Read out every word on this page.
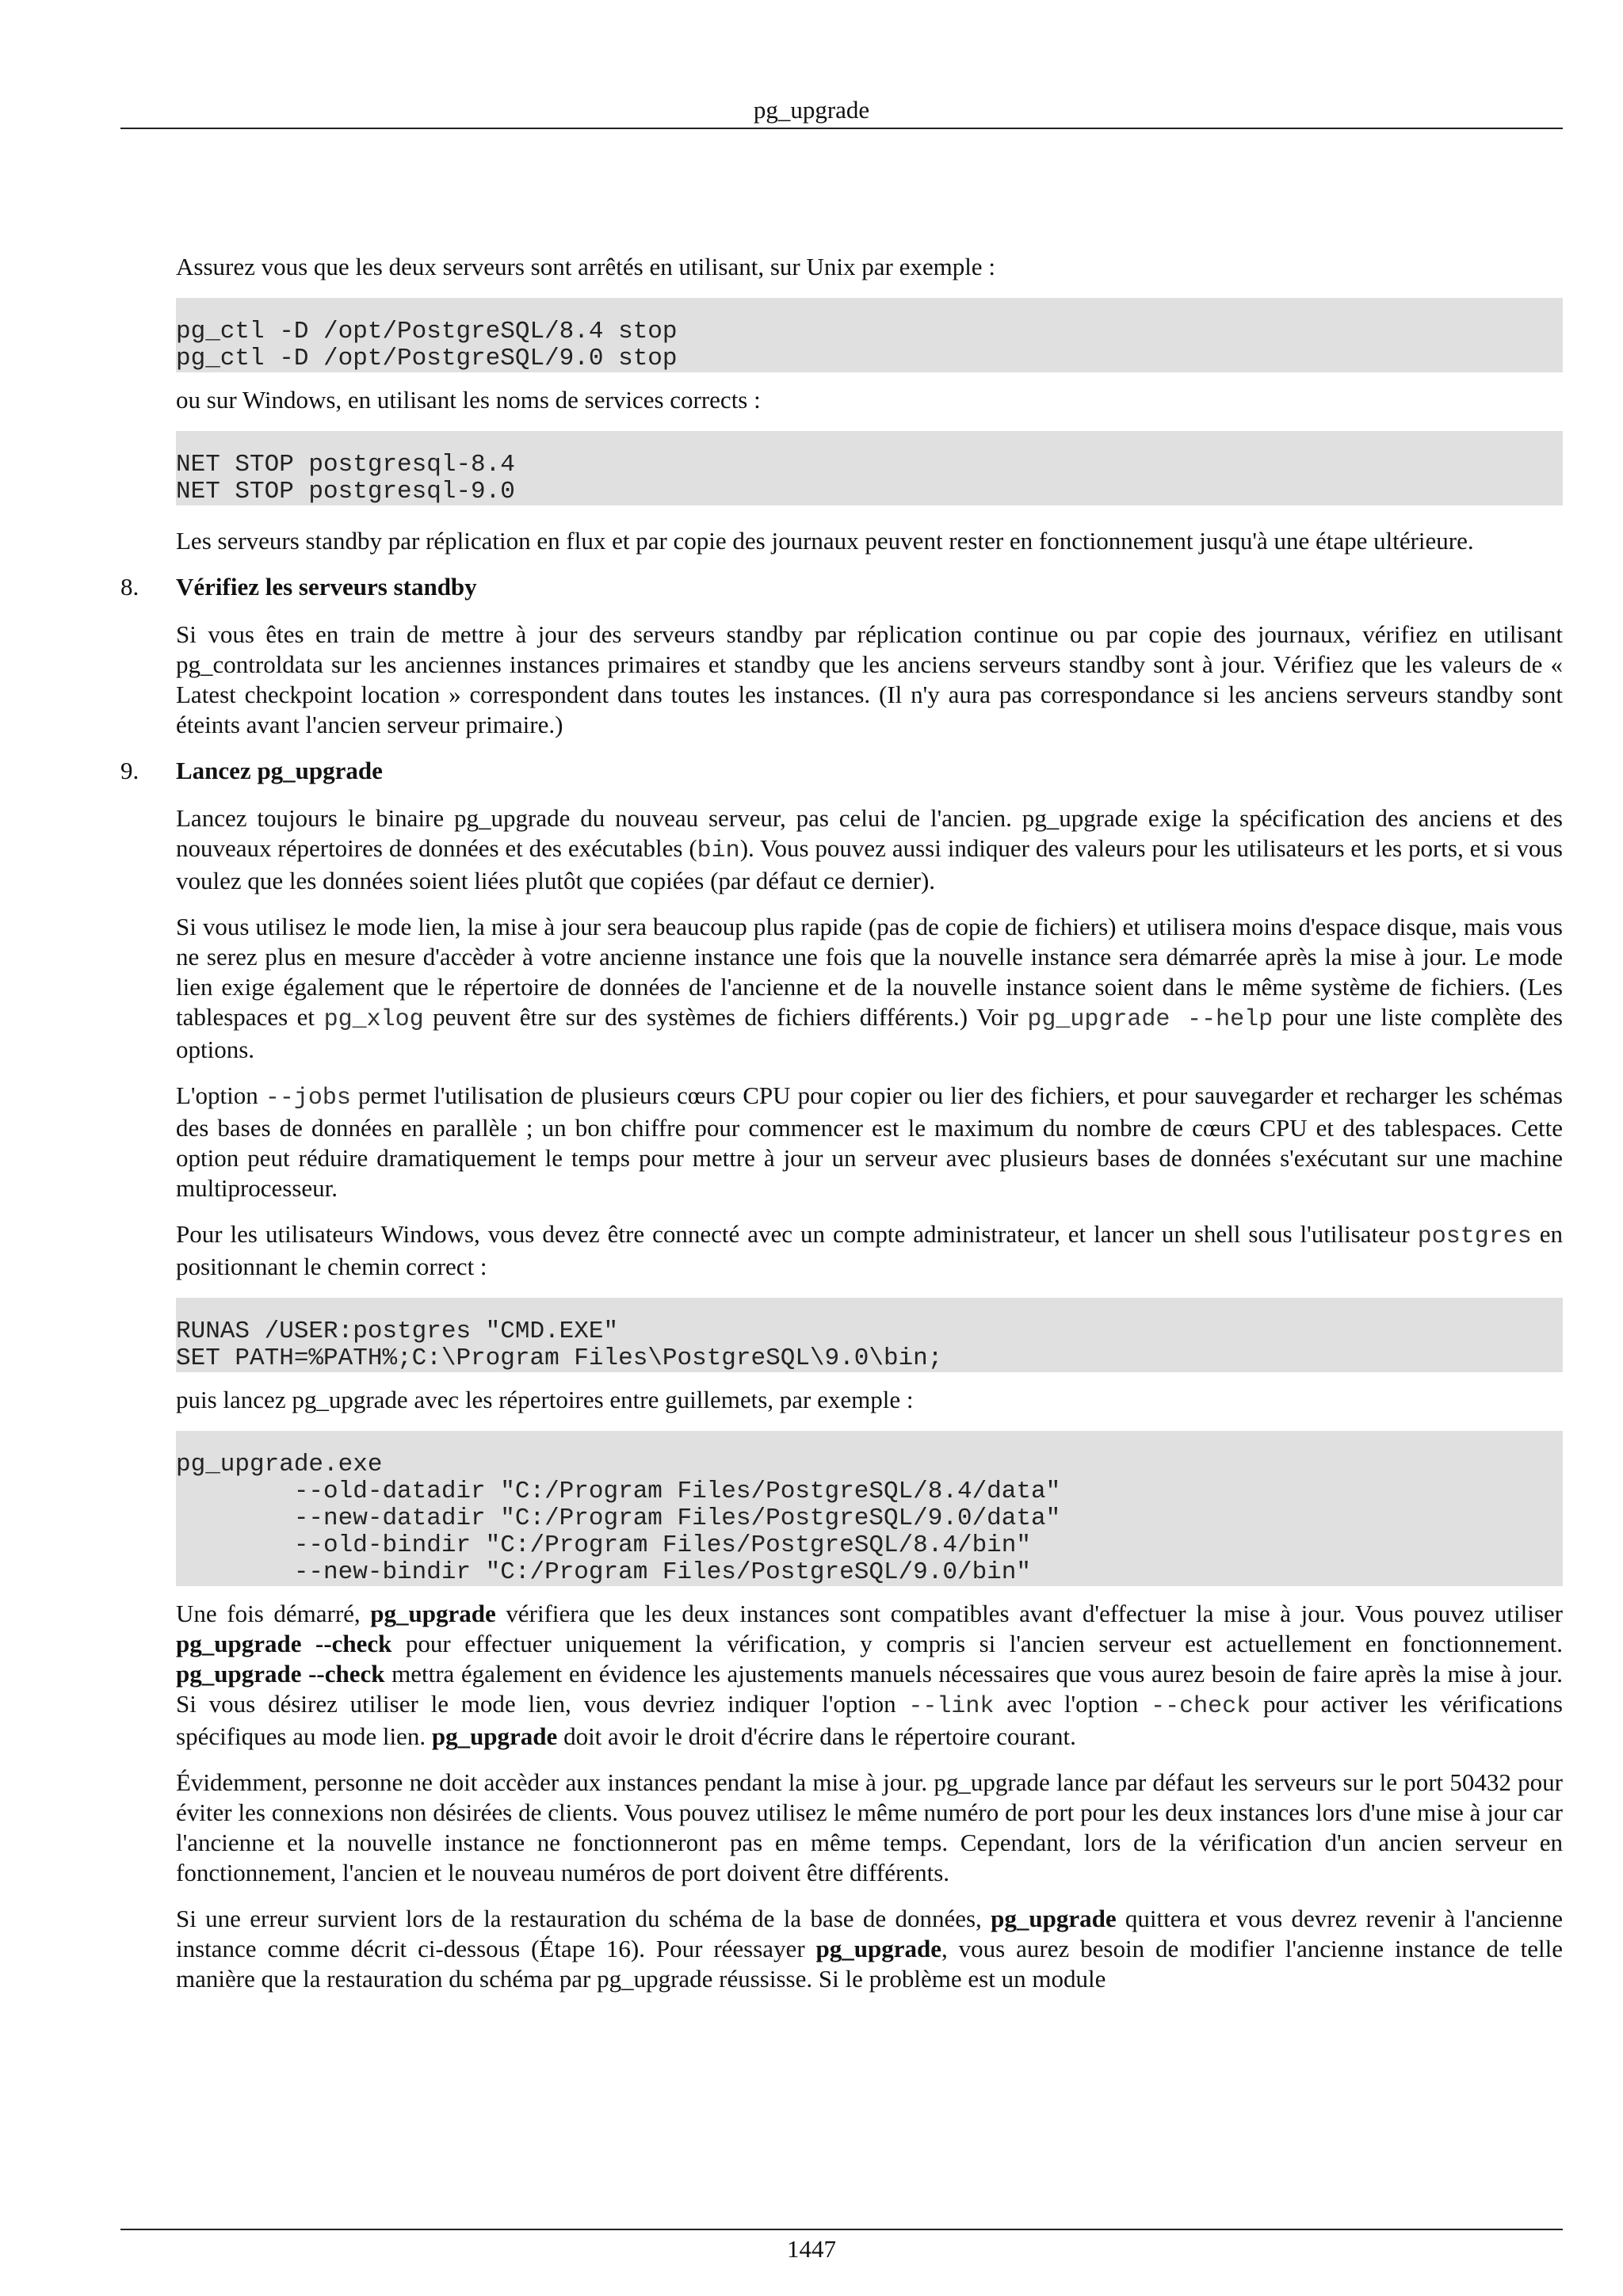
pg_upgrade

Assurez vous que les deux serveurs sont arrêtés en utilisant, sur Unix par exemple :

pg_ctl -D /opt/PostgreSQL/8.4 stop
pg_ctl -D /opt/PostgreSQL/9.0 stop

ou sur Windows, en utilisant les noms de services corrects :

NET STOP postgresql-8.4
NET STOP postgresql-9.0

Les serveurs standby par réplication en flux et par copie des journaux peuvent rester en fonctionnement jusqu'à une étape ultérieure.

8. Vérifiez les serveurs standby

Si vous êtes en train de mettre à jour des serveurs standby par réplication continue ou par copie des journaux, vérifiez en utilisant pg_controldata sur les anciennes instances primaires et standby que les anciens serveurs standby sont à jour. Vérifiez que les valeurs de « Latest checkpoint location » correspondent dans toutes les instances. (Il n'y aura pas correspondance si les anciens serveurs standby sont éteints avant l'ancien serveur primaire.)

9. Lancez pg_upgrade

Lancez toujours le binaire pg_upgrade du nouveau serveur, pas celui de l'ancien. pg_upgrade exige la spécification des anciens et des nouveaux répertoires de données et des exécutables (bin). Vous pouvez aussi indiquer des valeurs pour les utilisateurs et les ports, et si vous voulez que les données soient liées plutôt que copiées (par défaut ce dernier).

Si vous utilisez le mode lien, la mise à jour sera beaucoup plus rapide (pas de copie de fichiers) et utilisera moins d'espace disque, mais vous ne serez plus en mesure d'accèder à votre ancienne instance une fois que la nouvelle instance sera démarrée après la mise à jour. Le mode lien exige également que le répertoire de données de l'ancienne et de la nouvelle instance soient dans le même système de fichiers. (Les tablespaces et pg_xlog peuvent être sur des systèmes de fichiers différents.) Voir pg_upgrade --help pour une liste complète des options.

L'option --jobs permet l'utilisation de plusieurs cœurs CPU pour copier ou lier des fichiers, et pour sauvegarder et recharger les schémas des bases de données en parallèle ; un bon chiffre pour commencer est le maximum du nombre de cœurs CPU et des tablespaces. Cette option peut réduire dramatiquement le temps pour mettre à jour un serveur avec plusieurs bases de données s'exécutant sur une machine multiprocesseur.

Pour les utilisateurs Windows, vous devez être connecté avec un compte administrateur, et lancer un shell sous l'utilisateur postgres en positionnant le chemin correct :

RUNAS /USER:postgres "CMD.EXE"
SET PATH=%PATH%;C:\Program Files\PostgreSQL\9.0\bin;

puis lancez pg_upgrade avec les répertoires entre guillemets, par exemple :

pg_upgrade.exe
--old-datadir "C:/Program Files/PostgreSQL/8.4/data"
--new-datadir "C:/Program Files/PostgreSQL/9.0/data"
--old-bindir "C:/Program Files/PostgreSQL/8.4/bin"
--new-bindir "C:/Program Files/PostgreSQL/9.0/bin"

Une fois démarré, pg_upgrade vérifiera que les deux instances sont compatibles avant d'effectuer la mise à jour. Vous pouvez utiliser pg_upgrade --check pour effectuer uniquement la vérification, y compris si l'ancien serveur est actuellement en fonctionnement. pg_upgrade --check mettra également en évidence les ajustements manuels nécessaires que vous aurez besoin de faire après la mise à jour. Si vous désirez utiliser le mode lien, vous devriez indiquer l'option --link avec l'option --check pour activer les vérifications spécifiques au mode lien. pg_upgrade doit avoir le droit d'écrire dans le répertoire courant.

Évidemment, personne ne doit accèder aux instances pendant la mise à jour. pg_upgrade lance par défaut les serveurs sur le port 50432 pour éviter les connexions non désirées de clients. Vous pouvez utilisez le même numéro de port pour les deux instances lors d'une mise à jour car l'ancienne et la nouvelle instance ne fonctionneront pas en même temps. Cependant, lors de la vérification d'un ancien serveur en fonctionnement, l'ancien et le nouveau numéros de port doivent être différents.

Si une erreur survient lors de la restauration du schéma de la base de données, pg_upgrade quittera et vous devrez revenir à l'ancienne instance comme décrit ci-dessous (Étape 16). Pour réessayer pg_upgrade, vous aurez besoin de modifier l'ancienne instance de telle manière que la restauration du schéma par pg_upgrade réussisse. Si le problème est un module

1447
